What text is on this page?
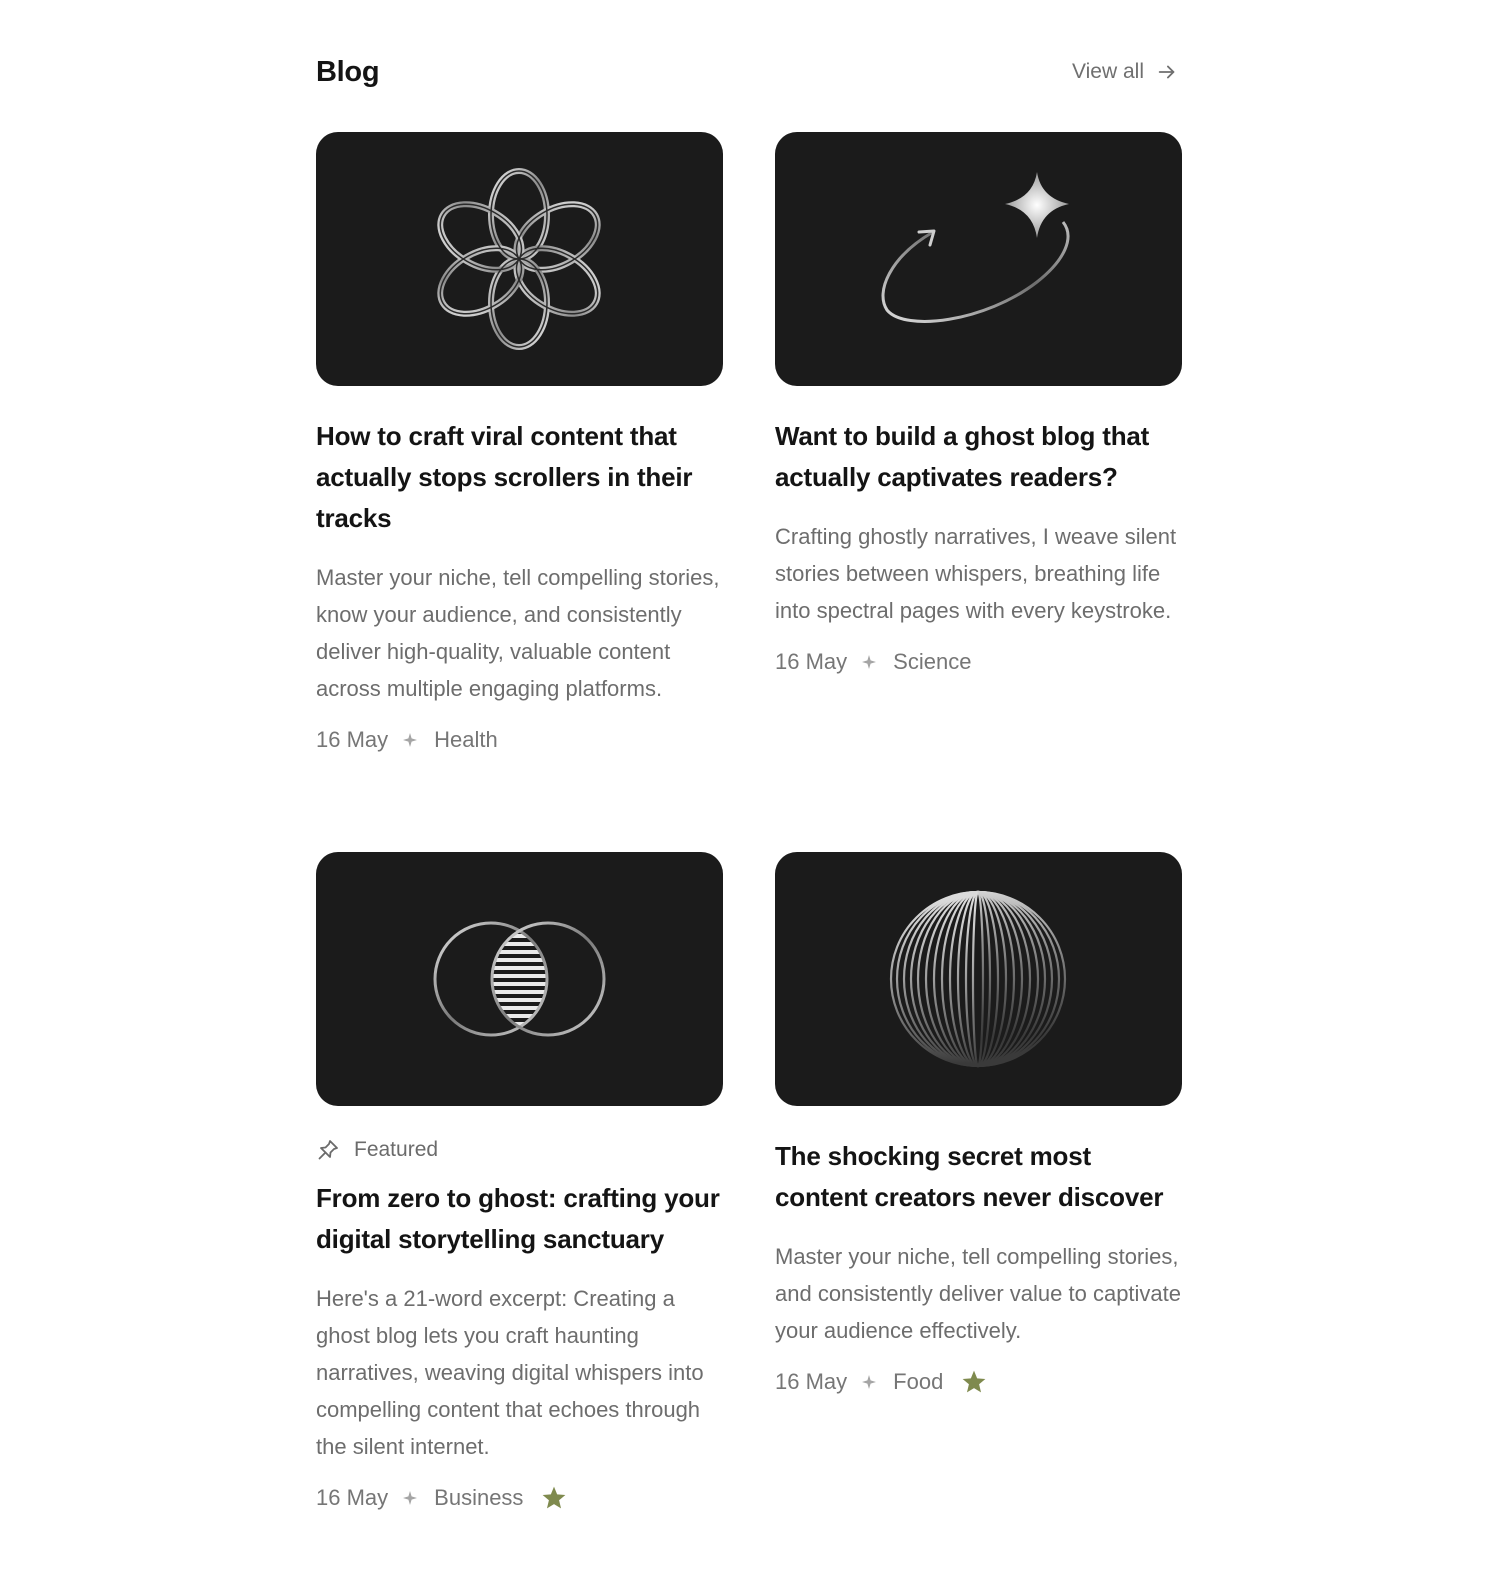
Blog	View all
How to craft viral content that actually stops scrollers in their tracks
Master your niche, tell compelling stories, know your audience, and consistently deliver high-quality, valuable content across multiple engaging platforms.
16 May Health
Want to build a ghost blog that actually captivates readers?
Crafting ghostly narratives, I weave silent stories between whispers, breathing life into spectral pages with every keystroke.
16 May Science
Featured
From zero to ghost: crafting your digital storytelling sanctuary
Here's a 21-word excerpt: Creating a ghost blog lets you craft haunting narratives, weaving digital whispers into compelling content that echoes through the silent internet.
16 May Business
The shocking secret most content creators never discover
Master your niche, tell compelling stories, and consistently deliver value to captivate your audience effectively.
16 May Food
